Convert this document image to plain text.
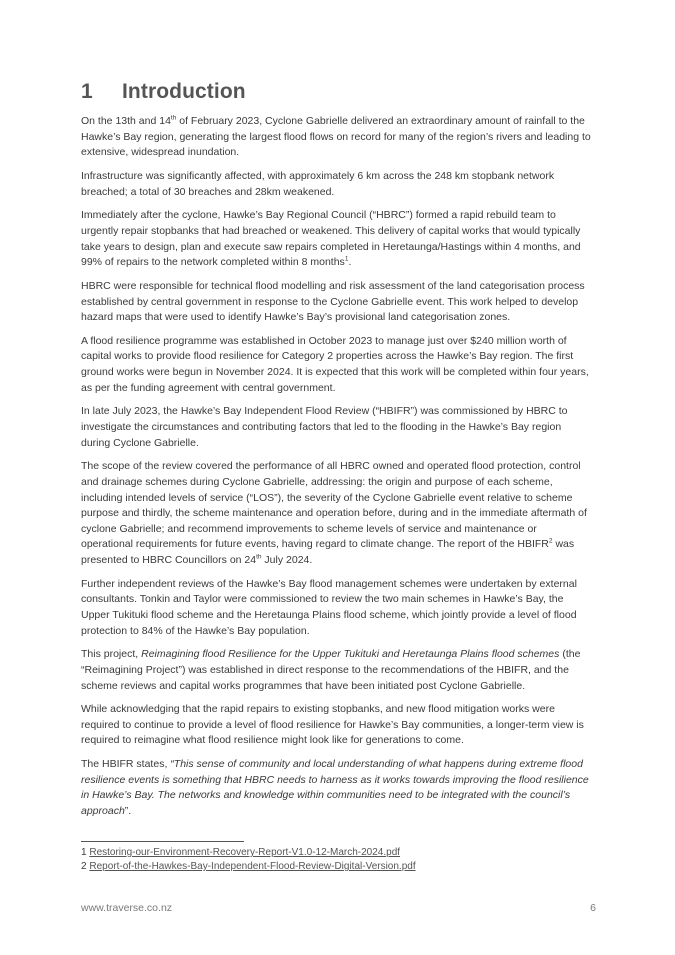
1 Introduction

On the 13th and 14th of February 2023, Cyclone Gabrielle delivered an extraordinary amount of rainfall to the Hawke’s Bay region, generating the largest flood flows on record for many of the region’s rivers and leading to extensive, widespread inundation.

Infrastructure was significantly affected, with approximately 6 km across the 248 km stopbank network breached; a total of 30 breaches and 28km weakened.

Immediately after the cyclone, Hawke’s Bay Regional Council (“HBRC”) formed a rapid rebuild team to urgently repair stopbanks that had breached or weakened. This delivery of capital works that would typically take years to design, plan and execute saw repairs completed in Heretaunga/Hastings within 4 months, and 99% of repairs to the network completed within 8 months$^1$.

HBRC were responsible for technical flood modelling and risk assessment of the land categorisation process established by central government in response to the Cyclone Gabrielle event. This work helped to develop hazard maps that were used to identify Hawke’s Bay’s provisional land categorisation zones.

A flood resilience programme was established in October 2023 to manage just over $240 million worth of capital works to provide flood resilience for Category 2 properties across the Hawke’s Bay region. The first ground works were begun in November 2024. It is expected that this work will be completed within four years, as per the funding agreement with central government.

In late July 2023, the Hawke’s Bay Independent Flood Review (“HBIFR”) was commissioned by HBRC to investigate the circumstances and contributing factors that led to the flooding in the Hawke’s Bay region during Cyclone Gabrielle.

The scope of the review covered the performance of all HBRC owned and operated flood protection, control and drainage schemes during Cyclone Gabrielle, addressing: the origin and purpose of each scheme, including intended levels of service (“LOS”), the severity of the Cyclone Gabrielle event relative to scheme purpose and thirdly, the scheme maintenance and operation before, during and in the immediate aftermath of cyclone Gabrielle; and recommend improvements to scheme levels of service and maintenance or operational requirements for future events, having regard to climate change. The report of the HBIFR$^2$ was presented to HBRC Councillors on 24th July 2024.

Further independent reviews of the Hawke’s Bay flood management schemes were undertaken by external consultants. Tonkin and Taylor were commissioned to review the two main schemes in Hawke’s Bay, the Upper Tukituki flood scheme and the Heretaunga Plains flood scheme, which jointly provide a level of flood protection to 84% of the Hawke’s Bay population.

This project, Reimagining flood Resilience for the Upper Tukituki and Heretaunga Plains flood schemes (the “Reimagining Project”) was established in direct response to the recommendations of the HBIFR, and the scheme reviews and capital works programmes that have been initiated post Cyclone Gabrielle.

While acknowledging that the rapid repairs to existing stopbanks, and new flood mitigation works were required to continue to provide a level of flood resilience for Hawke’s Bay communities, a longer-term view is required to reimagine what flood resilience might look like for generations to come.

The HBIFR states, “This sense of community and local understanding of what happens during extreme flood resilience events is something that HBRC needs to harness as it works towards improving the flood resilience in Hawke’s Bay. The networks and knowledge within communities need to be integrated with the council’s approach”.

1 Restoring-our-Environment-Recovery-Report-V1.0-12-March-2024.pdf
2 Report-of-the-Hawkes-Bay-Independent-Flood-Review-Digital-Version.pdf
www.traverse.co.nz	6
